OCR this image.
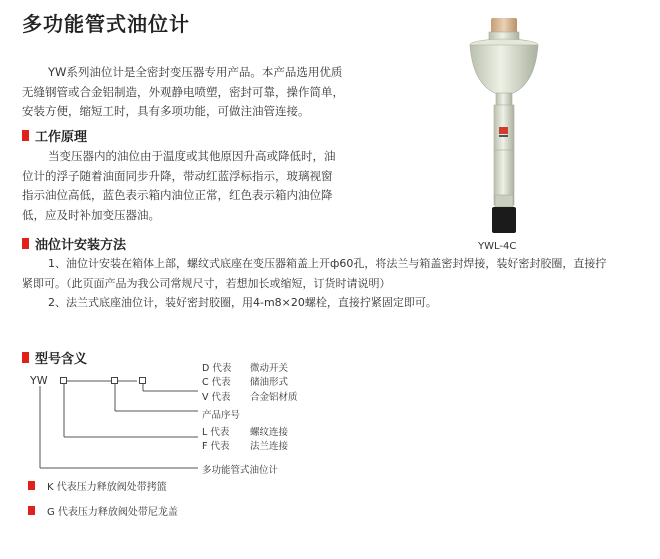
多功能管式油位计
YW系列油位计是全密封变压器专用产品。本产品选用优质
无缝钢管或合金铝制造，外观静电喷塑，密封可靠，操作简单，
安装方便，缩短工时，具有多项功能，可做注油管连接。
工作原理
当变压器内的油位由于温度或其他原因升高或降低时，油
位计的浮子随着油面同步升降，带动红蓝浮标指示，玻璃视窗
指示油位高低，蓝色表示箱内油位正常，红色表示箱内油位降
低，应及时补加变压器油。
YWL-4C
油位计安装方法
1、油位计安装在箱体上部，螺纹式底座在变压器箱盖上开ф60孔，将法兰与箱盖密封焊接，装好密封胶圈，直接拧
紧即可。（此页面产品为我公司常规尺寸，若想加长或缩短，订货时请说明）
2、法兰式底座油位计，装好密封胶圈，用4-m8×20螺栓，直接拧紧固定即可。
型号含义
YW
D 代表 微动开关
C 代表 储油形式
V 代表 合金铝材质
产品序号
L 代表 螺纹连接
F 代表 法兰连接
多功能管式油位计
K 代表压力释放阀处带拷篮
G 代表压力释放阀处带尼龙盖
